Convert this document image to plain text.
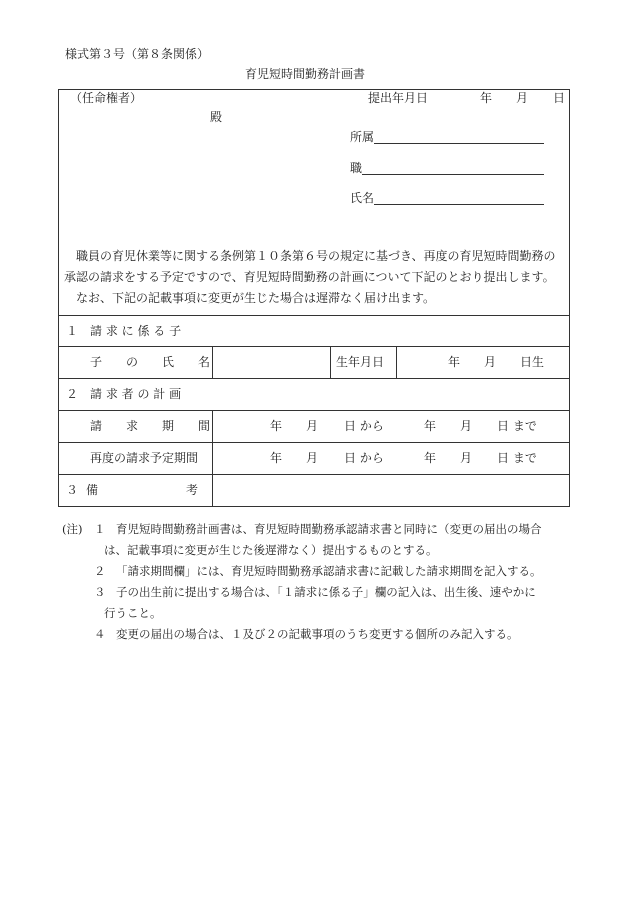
様式第３号（第８条関係）
育児短時間勤務計画書
（任命権者）
殿
提出年月日	年 月 日
所属
職
氏名
職員の育児休業等に関する条例第１０条第６号の規定に基づき、再度の育児短時間勤務の
承認の請求をする予定ですので、育児短時間勤務の計画について下記のとおり提出します。
なお、下記の記載事項に変更が生じた場合は遅滞なく届け出ます。
１　請 求 に 係 る 子
子　　の　　氏　　名	生年月日	年 月 日生
２　請 求 者 の 計 画
請　　求　　期　　間	年 月 日 から	年 月 日 まで
再度の請求予定期間	年 月 日 から	年 月 日 まで
３ 備	考
(注) １ 育児短時間勤務計画書は、育児短時間勤務承認請求書と同時に（変更の届出の場合
は、記載事項に変更が生じた後遅滞なく）提出するものとする。
２ 「請求期間欄」には、育児短時間勤務承認請求書に記載した請求期間を記入する。
３ 子の出生前に提出する場合は、「１請求に係る子」欄の記入は、出生後、速やかに
行うこと。
４ 変更の届出の場合は、１及び２の記載事項のうち変更する個所のみ記入する。
